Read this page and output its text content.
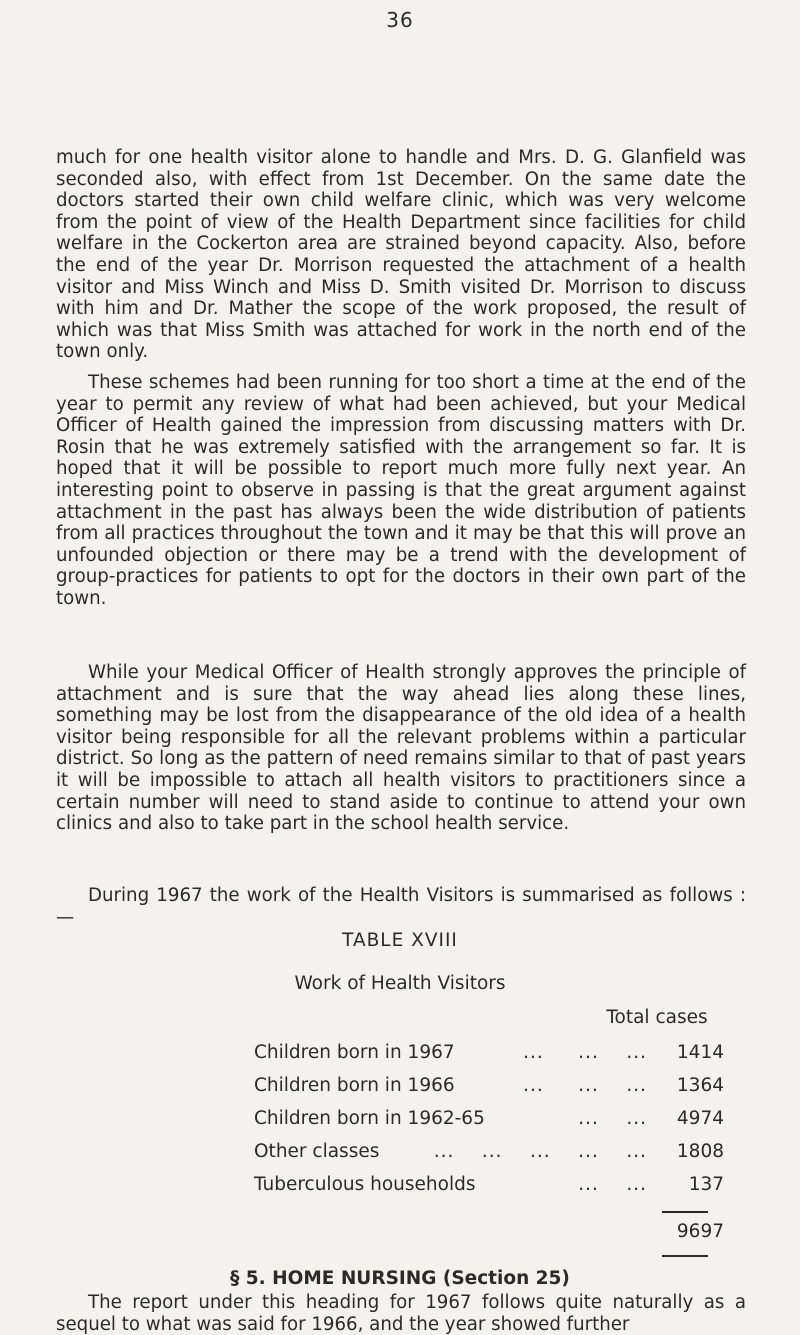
36

much for one health visitor alone to handle and Mrs. D. G. Glanfield was seconded also, with effect from 1st December. On the same date the doctors started their own child welfare clinic, which was very welcome from the point of view of the Health Department since facilities for child welfare in the Cockerton area are strained beyond capacity. Also, before the end of the year Dr. Morrison requested the attachment of a health visitor and Miss Winch and Miss D. Smith visited Dr. Morrison to discuss with him and Dr. Mather the scope of the work proposed, the result of which was that Miss Smith was attached for work in the north end of the town only.

These schemes had been running for too short a time at the end of the year to permit any review of what had been achieved, but your Medical Officer of Health gained the impression from discussing matters with Dr. Rosin that he was extremely satisfied with the arrangement so far. It is hoped that it will be possible to report much more fully next year. An interesting point to observe in passing is that the great argument against attachment in the past has always been the wide distribution of patients from all practices throughout the town and it may be that this will prove an unfounded objection or there may be a trend with the development of group-practices for patients to opt for the doctors in their own part of the town.

While your Medical Officer of Health strongly approves the principle of attachment and is sure that the way ahead lies along these lines, something may be lost from the disappearance of the old idea of a health visitor being responsible for all the relevant problems within a particular district. So long as the pattern of need remains similar to that of past years it will be impossible to attach all health visitors to practitioners since a certain number will need to stand aside to continue to attend your own clinics and also to take part in the school health service.

During 1967 the work of the Health Visitors is summarised as follows :—

TABLE XVIII
Work of Health Visitors
Total cases
...     ...    ...
Children born in 1967	1414
...     ...    ...
Children born in 1966	1364
...    ...
Children born in 1962-65	4974
...    ...    ...    ...    ...
Other classes	1808
...    ...
Tuberculous households	137
9697
§ 5. HOME NURSING (Section 25)

The report under this heading for 1967 follows quite naturally as a sequel to what was said for 1966, and the year showed further
